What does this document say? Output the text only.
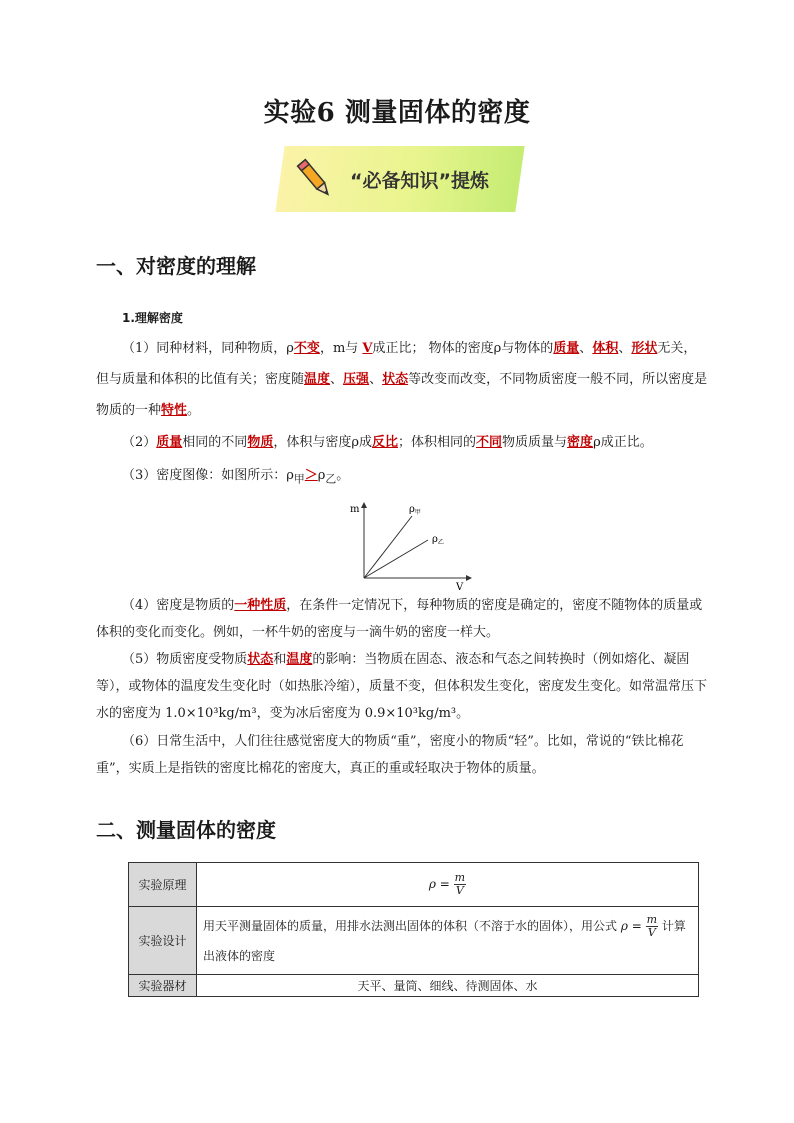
实验6 测量固体的密度
“必备知识”提炼
一、对密度的理解
1.理解密度
（1）同种材料，同种物质，ρ不变，m与 V成正比； 物体的密度ρ与物体的质量、体积、形状无关，但与质量和体积的比值有关；密度随温度、压强、状态等改变而改变，不同物质密度一般不同，所以密度是物质的一种特性。
（2）质量相同的不同物质，体积与密度ρ成反比；体积相同的不同物质质量与密度ρ成正比。
（3）密度图像：如图所示：$\rho_甲>\rho_乙$。
m
V
$\rho_甲$
$\rho_乙$
（4）密度是物质的一种性质，在条件一定情况下，每种物质的密度是确定的，密度不随物体的质量或体积的变化而变化。例如，一杯牛奶的密度与一滴牛奶的密度一样大。
（5）物质密度受物质状态和温度的影响：当物质在固态、液态和气态之间转换时（例如熔化、凝固等），或物体的温度发生变化时（如热胀冷缩），质量不变，但体积发生变化，密度发生变化。如常温常压下水的密度为 1.0×10³kg/m³，变为冰后密度为 0.9×10³kg/m³。
（6）日常生活中，人们往往感觉密度大的物质“重”，密度小的物质“轻”。比如，常说的“铁比棉花重”，实质上是指铁的密度比棉花的密度大，真正的重或轻取决于物体的质量。
二、测量固体的密度
实验原理	$\rho = \frac{m}{V}$

实验设计	用天平测量固体的质量，用排水法测出固体的体积（不溶于水的固体），用公式 $\rho = \frac{m}{V}$ 计算出液体的密度
实验器材	天平、量筒、细线、待测固体、水
